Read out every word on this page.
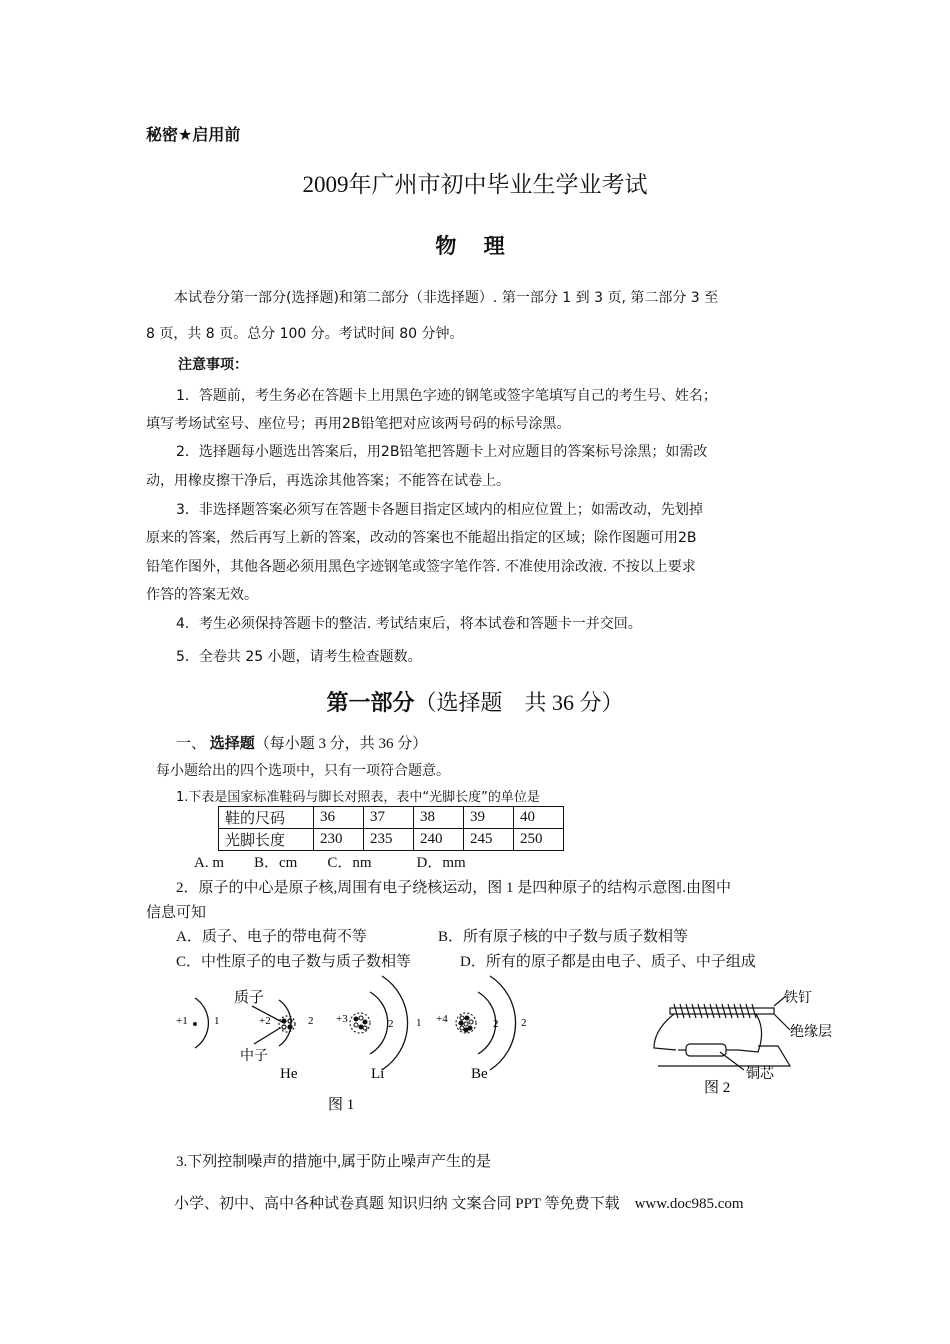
秘密★启用前
2009年广州市初中毕业生学业考试
物 理
本试卷分第一部分(选择题)和第二部分（非选择题）. 第一部分 1 到 3 页, 第二部分 3 至
8 页，共 8 页。总分 100 分。考试时间 80 分钟。
注意事项：
1．答题前，考生务必在答题卡上用黑色字迹的钢笔或签字笔填写自己的考生号、姓名；
填写考场试室号、座位号；再用2B铅笔把对应该两号码的标号涂黑。
2．选择题每小题选出答案后，用2B铅笔把答题卡上对应题目的答案标号涂黑；如需改
动，用橡皮擦干净后，再选涂其他答案；不能答在试卷上。
3．非选择题答案必须写在答题卡各题目指定区域内的相应位置上；如需改动，先划掉
原来的答案，然后再写上新的答案，改动的答案也不能超出指定的区域；除作图题可用2B
铅笔作图外，其他各题必须用黑色字迹钢笔或签字笔作答. 不准使用涂改液. 不按以上要求
作答的答案无效。
4．考生必须保持答题卡的整洁. 考试结束后，将本试卷和答题卡一并交回。
5．全卷共 25 小题，请考生检查题数。
第一部分（选择题　共 36 分）
一、 选择题（每小题 3 分，共 36 分）
每小题给出的四个选项中，只有一项符合题意。
1.下表是国家标准鞋码与脚长对照表，表中“光脚长度”的单位是
鞋的尺码	36	37	38	39	40
光脚长度	230	235	240	245	250
A. m　　B．cm　　C．nm　　　D．mm
2．原子的中心是原子核,周围有电子绕核运动，图 1 是四种原子的结构示意图.由图中
信息可知
A．质子、电子的带电荷不等	B．所有原子核的中子数与质子数相等
C．中性原子的电子数与质子数相等	D．所有的原子都是由电子、质子、中子组成
+1 1	+2	2 +3	2 1 +4	2 2
质子
中子
He	Li	Be
图 1
铁钉
绝缘层
铜芯
图 2
3.下列控制噪声的措施中,属于防止噪声产生的是
小学、初中、高中各种试卷真题 知识归纳 文案合同 PPT 等免费下载　www.doc985.com
